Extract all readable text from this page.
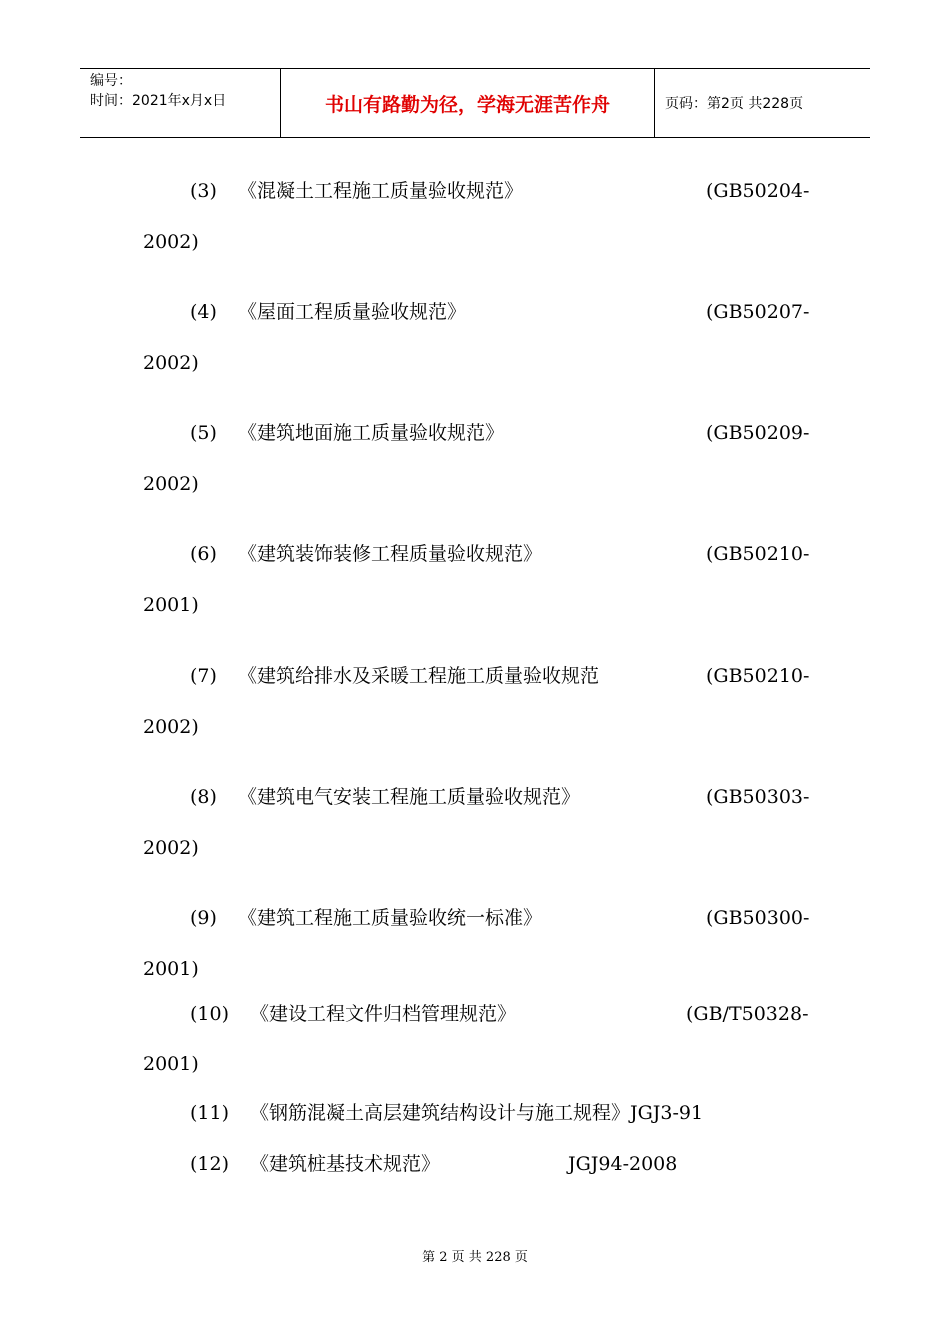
编号：
时间：2021年x月x日	书山有路勤为径，学海无涯苦作舟	页码：第2页 共228页
(3) 《混凝土工程施工质量验收规范》	(GB50204-
2002)
(4) 《屋面工程质量验收规范》	(GB50207-
2002)
(5) 《建筑地面施工质量验收规范》	(GB50209-
2002)
(6) 《建筑装饰装修工程质量验收规范》	(GB50210-
2001)
(7) 《建筑给排水及采暖工程施工质量验收规范	(GB50210-
2002)
(8) 《建筑电气安装工程施工质量验收规范》	(GB50303-
2002)
(9) 《建筑工程施工质量验收统一标准》	(GB50300-
2001)
(10) 《建设工程文件归档管理规范》	(GB/T50328-
2001)
(11) 《钢筋混凝土高层建筑结构设计与施工规程》JGJ3-91
(12) 《建筑桩基技术规范》	JGJ94-2008
第 2 页 共 228 页
